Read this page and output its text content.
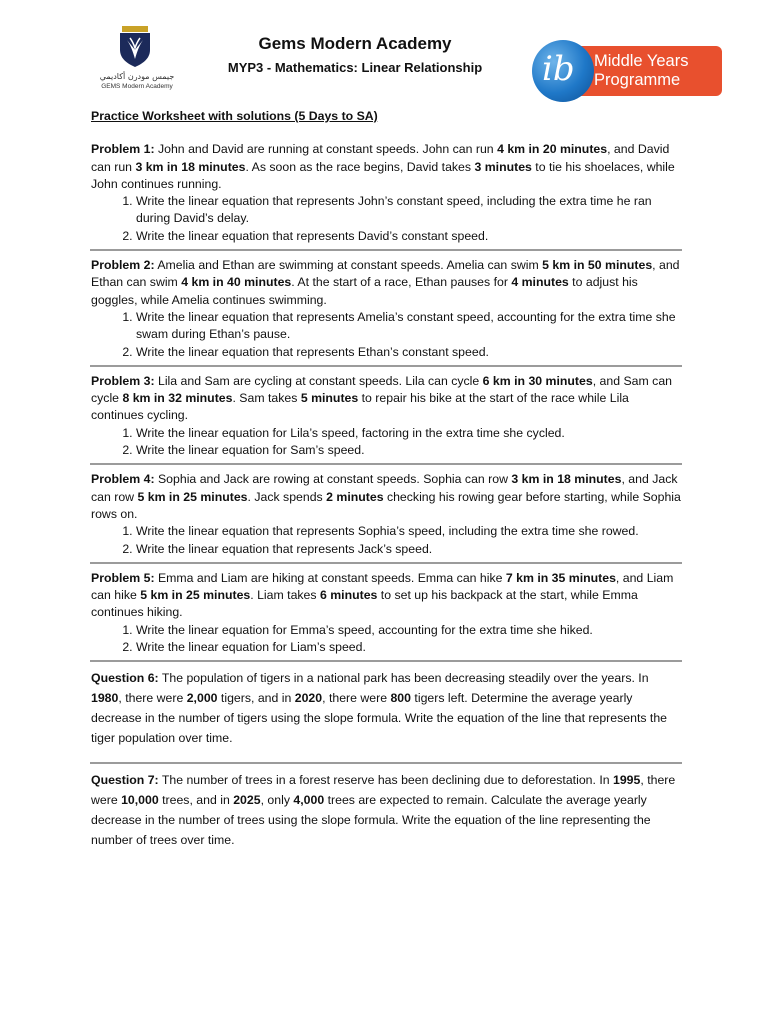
جيمس مودرن أكاديمي
GEMS Modern Academy
Gems Modern Academy
MYP3 - Mathematics: Linear Relationship	Middle Years
Programme
ib
Practice Worksheet with solutions (5 Days to SA)

Problem 1: John and David are running at constant speeds. John can run 4 km in 20 minutes, and David can run 3 km in 18 minutes. As soon as the race begins, David takes 3 minutes to tie his shoelaces, while John continues running.

1. Write the linear equation that represents John’s constant speed, including the extra time he ran during David’s delay.
2. Write the linear equation that represents David’s constant speed.

Problem 2: Amelia and Ethan are swimming at constant speeds. Amelia can swim 5 km in 50 minutes, and Ethan can swim 4 km in 40 minutes. At the start of a race, Ethan pauses for 4 minutes to adjust his goggles, while Amelia continues swimming.

1. Write the linear equation that represents Amelia’s constant speed, accounting for the extra time she swam during Ethan’s pause.
2. Write the linear equation that represents Ethan’s constant speed.

Problem 3: Lila and Sam are cycling at constant speeds. Lila can cycle 6 km in 30 minutes, and Sam can cycle 8 km in 32 minutes. Sam takes 5 minutes to repair his bike at the start of the race while Lila continues cycling.

1. Write the linear equation for Lila’s speed, factoring in the extra time she cycled.
2. Write the linear equation for Sam’s speed.

Problem 4: Sophia and Jack are rowing at constant speeds. Sophia can row 3 km in 18 minutes, and Jack can row 5 km in 25 minutes. Jack spends 2 minutes checking his rowing gear before starting, while Sophia rows on.

1. Write the linear equation that represents Sophia’s speed, including the extra time she rowed.
2. Write the linear equation that represents Jack’s speed.

Problem 5: Emma and Liam are hiking at constant speeds. Emma can hike 7 km in 35 minutes, and Liam can hike 5 km in 25 minutes. Liam takes 6 minutes to set up his backpack at the start, while Emma continues hiking.

1. Write the linear equation for Emma’s speed, accounting for the extra time she hiked.
2. Write the linear equation for Liam’s speed.

Question 6: The population of tigers in a national park has been decreasing steadily over the years. In 1980, there were 2,000 tigers, and in 2020, there were 800 tigers left. Determine the average yearly decrease in the number of tigers using the slope formula. Write the equation of the line that represents the tiger population over time.

Question 7: The number of trees in a forest reserve has been declining due to deforestation. In 1995, there were 10,000 trees, and in 2025, only 4,000 trees are expected to remain. Calculate the average yearly decrease in the number of trees using the slope formula. Write the equation of the line representing the number of trees over time.
